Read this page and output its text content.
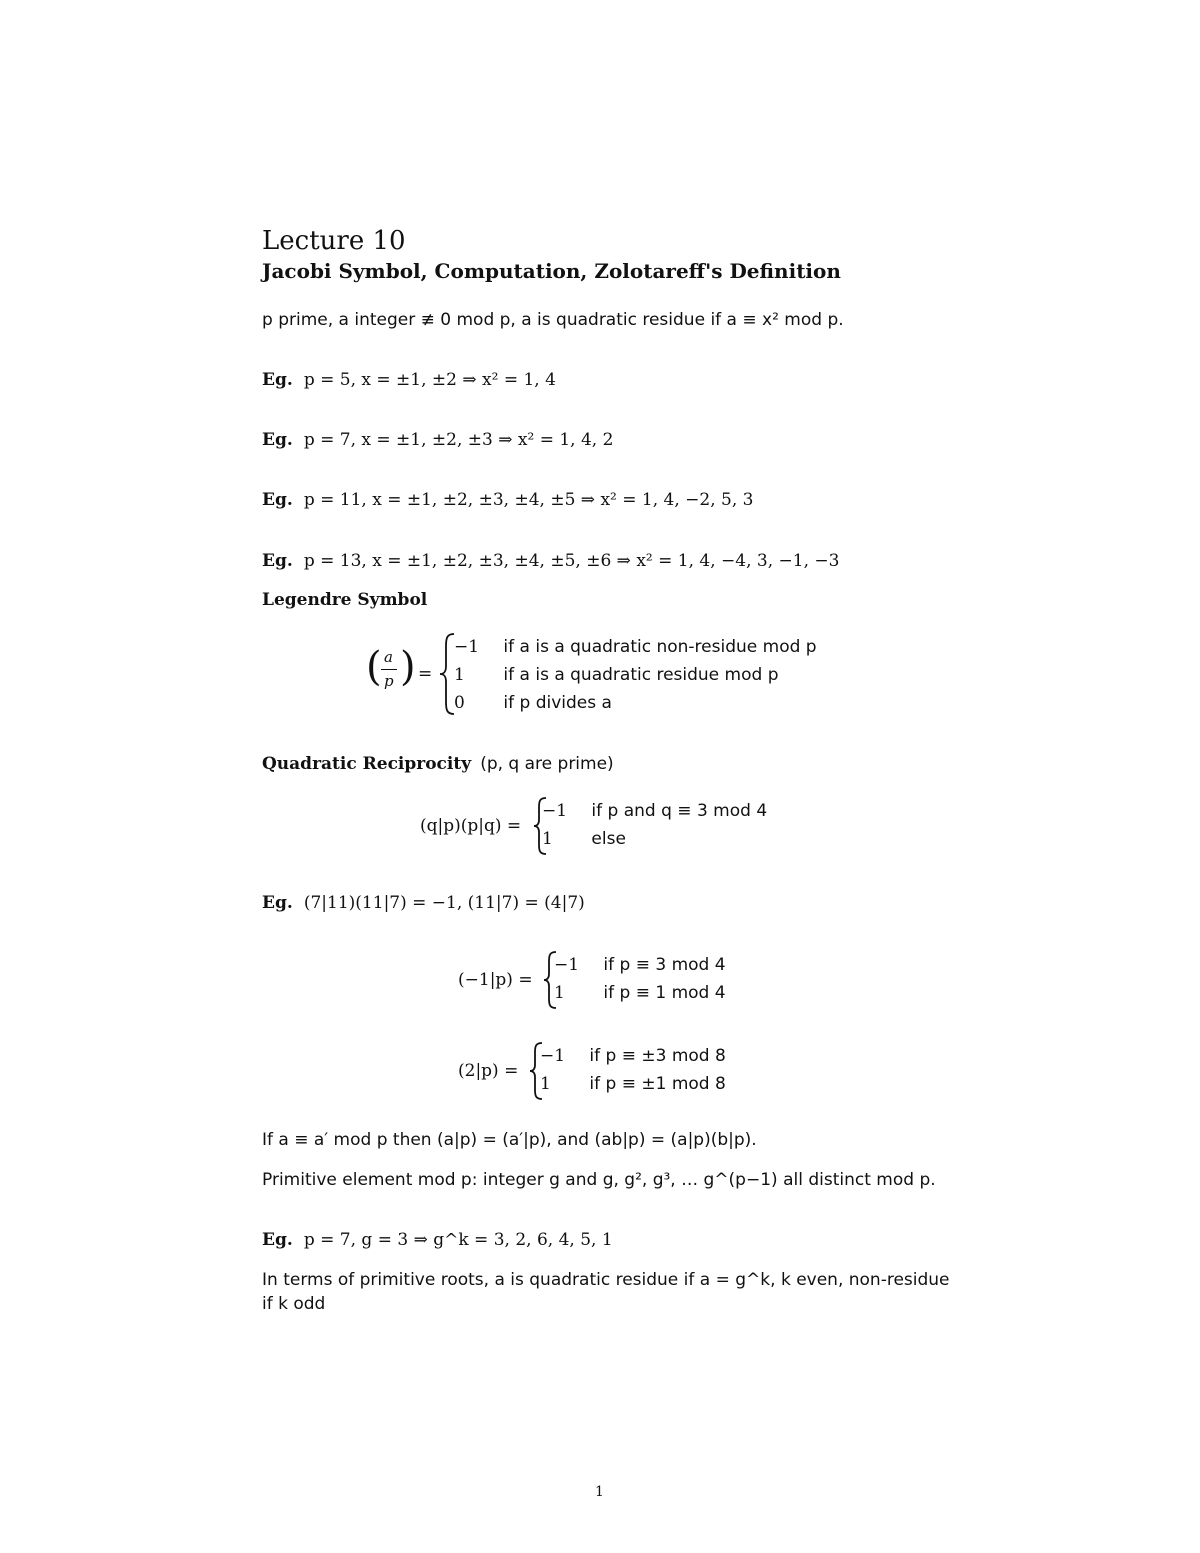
Lecture 10
Jacobi Symbol, Computation, Zolotareff's Definition
p prime, a integer ≢ 0 mod p, a is quadratic residue if a ≡ x² mod p.
Eg. p = 5, x = ±1, ±2 ⇒ x² = 1, 4
Eg. p = 7, x = ±1, ±2, ±3 ⇒ x² = 1, 4, 2
Eg. p = 11, x = ±1, ±2, ±3, ±4, ±5 ⇒ x² = 1, 4, −2, 5, 3
Eg. p = 13, x = ±1, ±2, ±3, ±4, ±5, ±6 ⇒ x² = 1, 4, −4, 3, −1, −3
Legendre Symbol
( a
p ) =
−1 if a is a quadratic non-residue mod p
1 if a is a quadratic residue mod p
0 if p divides a
Quadratic Reciprocity (p, q are prime)
(q|p)(p|q) =
−1 if p and q ≡ 3 mod 4
1 else
Eg. (7|11)(11|7) = −1, (11|7) = (4|7)
(−1|p) =
−1 if p ≡ 3 mod 4
1 if p ≡ 1 mod 4
(2|p) =
−1 if p ≡ ±3 mod 8
1 if p ≡ ±1 mod 8
If a ≡ a′ mod p then (a|p) = (a′|p), and (ab|p) = (a|p)(b|p).
Primitive element mod p: integer g and g, g², g³, … g^(p−1) all distinct mod p.
Eg. p = 7, g = 3 ⇒ g^k = 3, 2, 6, 4, 5, 1
In terms of primitive roots, a is quadratic residue if a = g^k, k even, non-residue
if k odd
1
